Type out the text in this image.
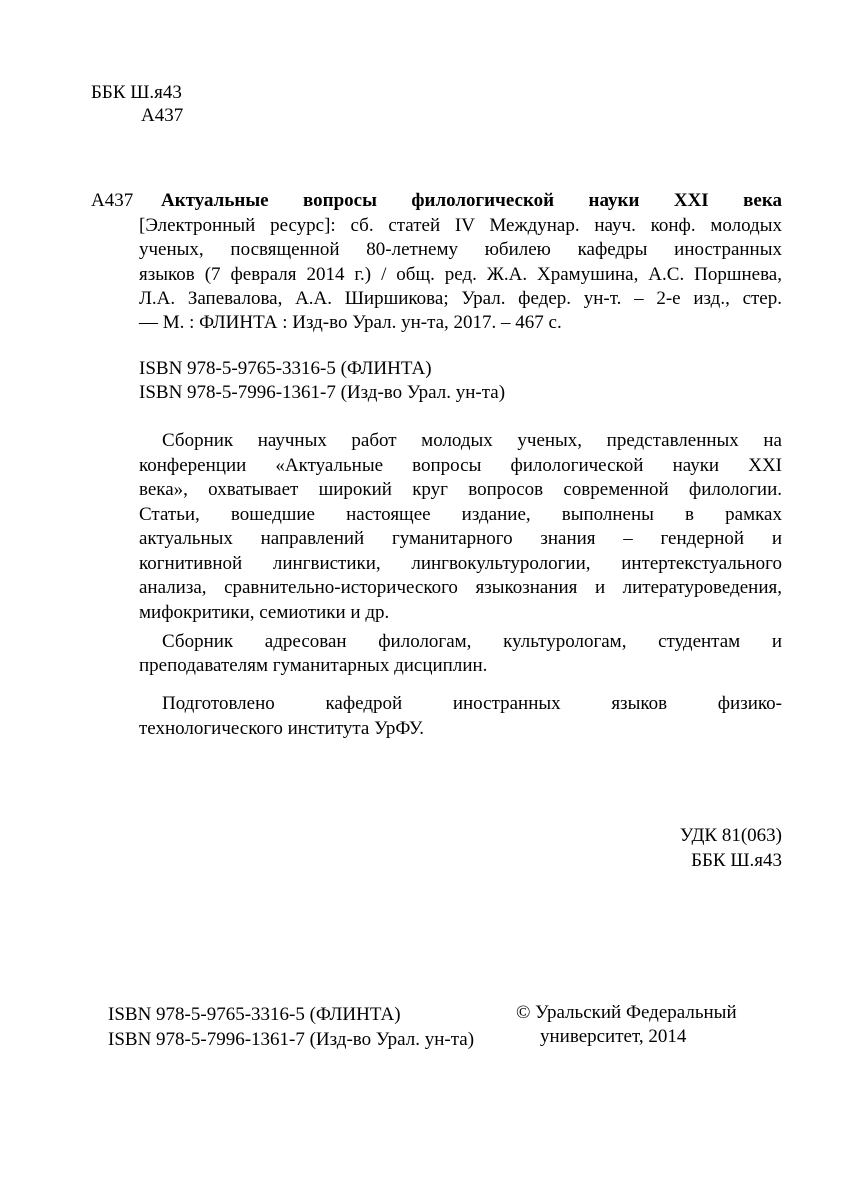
ББК Ш.я43
А437
А437 Актуальные вопросы филологической науки XXI века
[Электронный ресурс]: сб. статей IV Междунар. науч. конф. молодых
ученых, посвященной 80-летнему юбилею кафедры иностранных
языков (7 февраля 2014 г.) / общ. ред. Ж.А. Храмушина, А.С. Поршнева,
Л.А. Запевалова, А.А. Ширшикова; Урал. федер. ун-т. – 2-е изд., стер.
— М. : ФЛИНТА : Изд-во Урал. ун-та, 2017. – 467 с.
ISBN 978-5-9765-3316-5 (ФЛИНТА)
ISBN 978-5-7996-1361-7 (Изд-во Урал. ун-та)
Сборник научных работ молодых ученых, представленных на
конференции «Актуальные вопросы филологической науки XXI
века», охватывает широкий круг вопросов современной филологии.
Статьи, вошедшие настоящее издание, выполнены в рамках
актуальных направлений гуманитарного знания – гендерной и
когнитивной лингвистики, лингвокультурологии, интертекстуального
анализа, сравнительно-исторического языкознания и литературоведения,
мифокритики, семиотики и др.
Сборник адресован филологам, культурологам, студентам и
преподавателям гуманитарных дисциплин.
Подготовлено кафедрой иностранных языков физико-
технологического института УрФУ.
УДК 81(063)
ББК Ш.я43
ISBN 978-5-9765-3316-5 (ФЛИНТА)
ISBN 978-5-7996-1361-7 (Изд-во Урал. ун-та)
© Уральский Федеральный
университет, 2014
